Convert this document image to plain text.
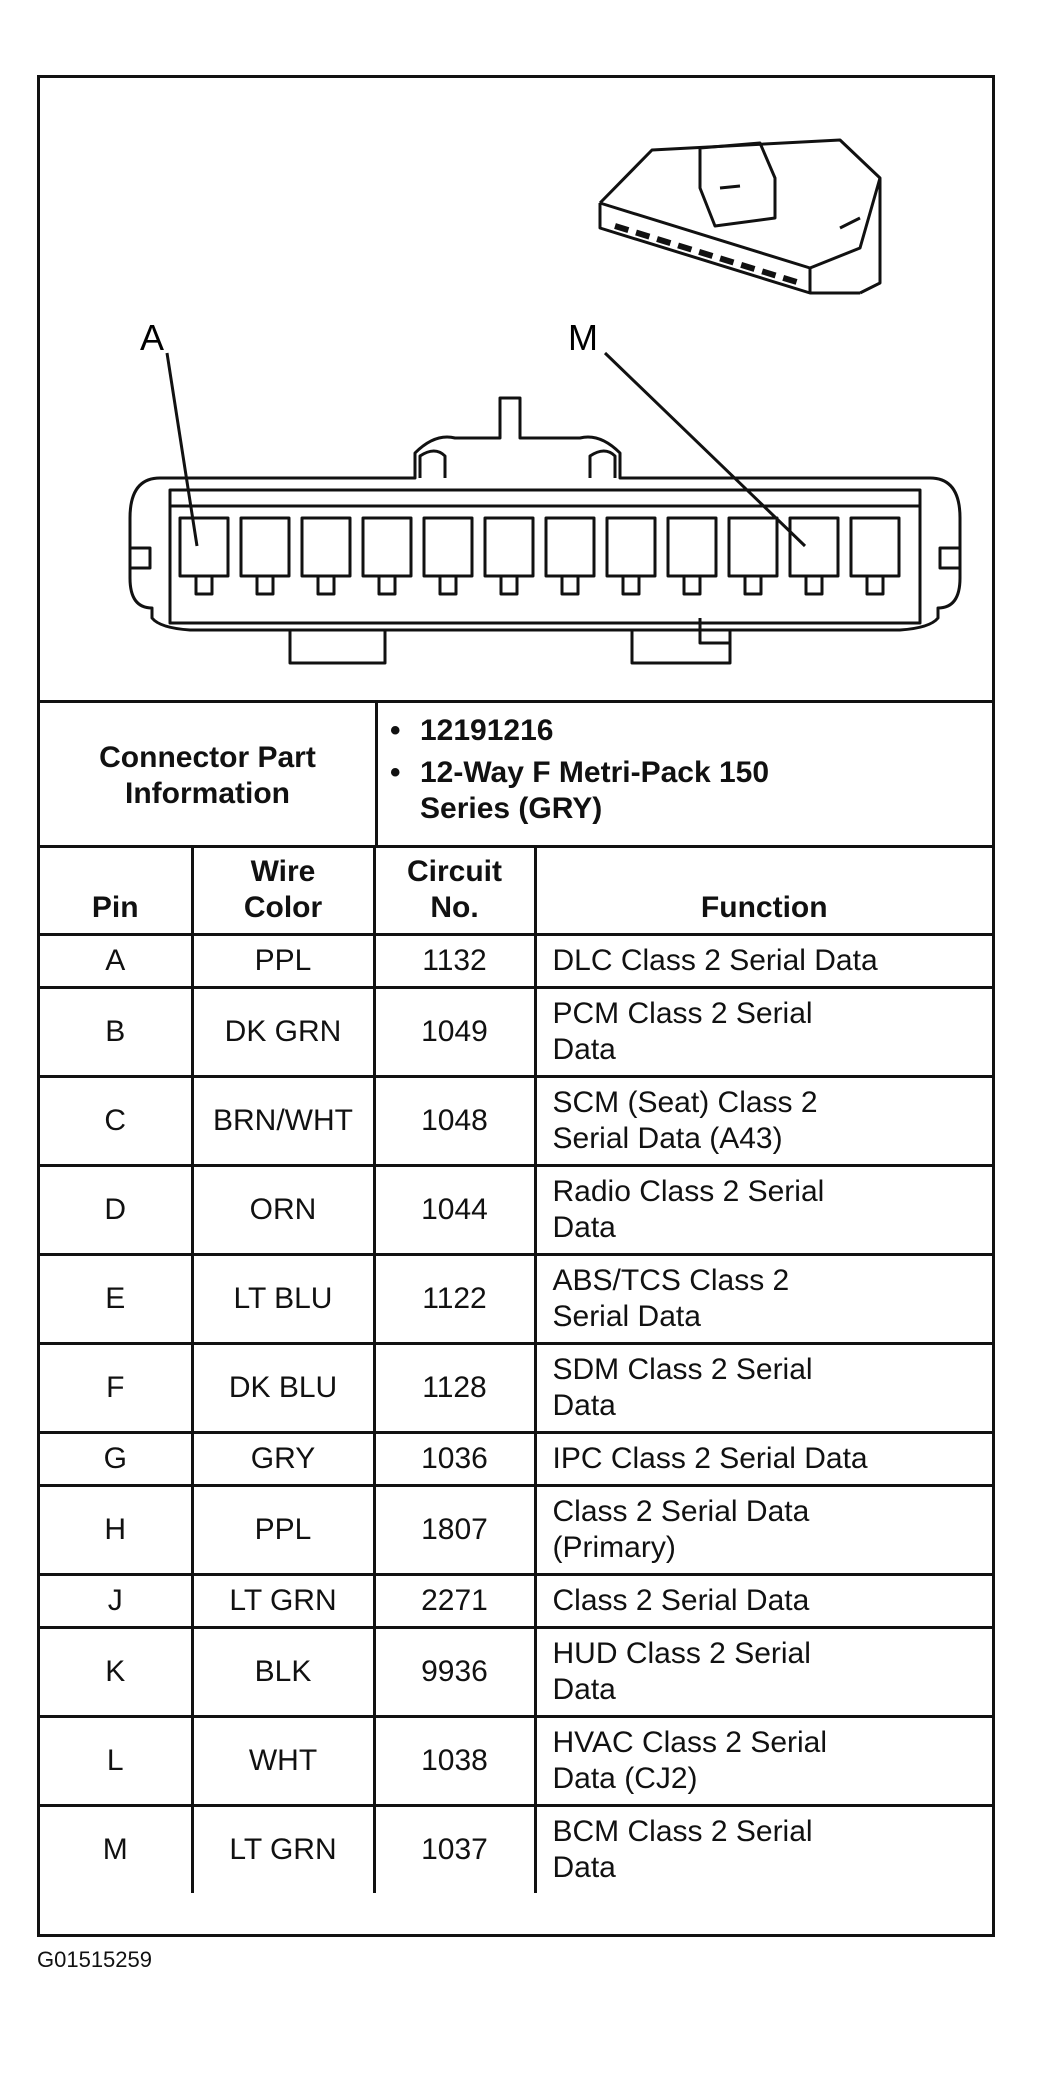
A	M
Connector Part Information
• 12191216
• 12-Way F Metri-Pack 150 Series (GRY)
Pin	Wire Color	Circuit No.	Function
A	PPL	1132	DLC Class 2 Serial Data
B	DK GRN	1049	PCM Class 2 Serial Data
C	BRN/WHT	1048	SCM (Seat) Class 2 Serial Data (A43)
D	ORN	1044	Radio Class 2 Serial Data
E	LT BLU	1122	ABS/TCS Class 2 Serial Data
F	DK BLU	1128	SDM Class 2 Serial Data
G	GRY	1036	IPC Class 2 Serial Data
H	PPL	1807	Class 2 Serial Data (Primary)
J	LT GRN	2271	Class 2 Serial Data
K	BLK	9936	HUD Class 2 Serial Data
L	WHT	1038	HVAC Class 2 Serial Data (CJ2)
M	LT GRN	1037	BCM Class 2 Serial Data
G01515259
